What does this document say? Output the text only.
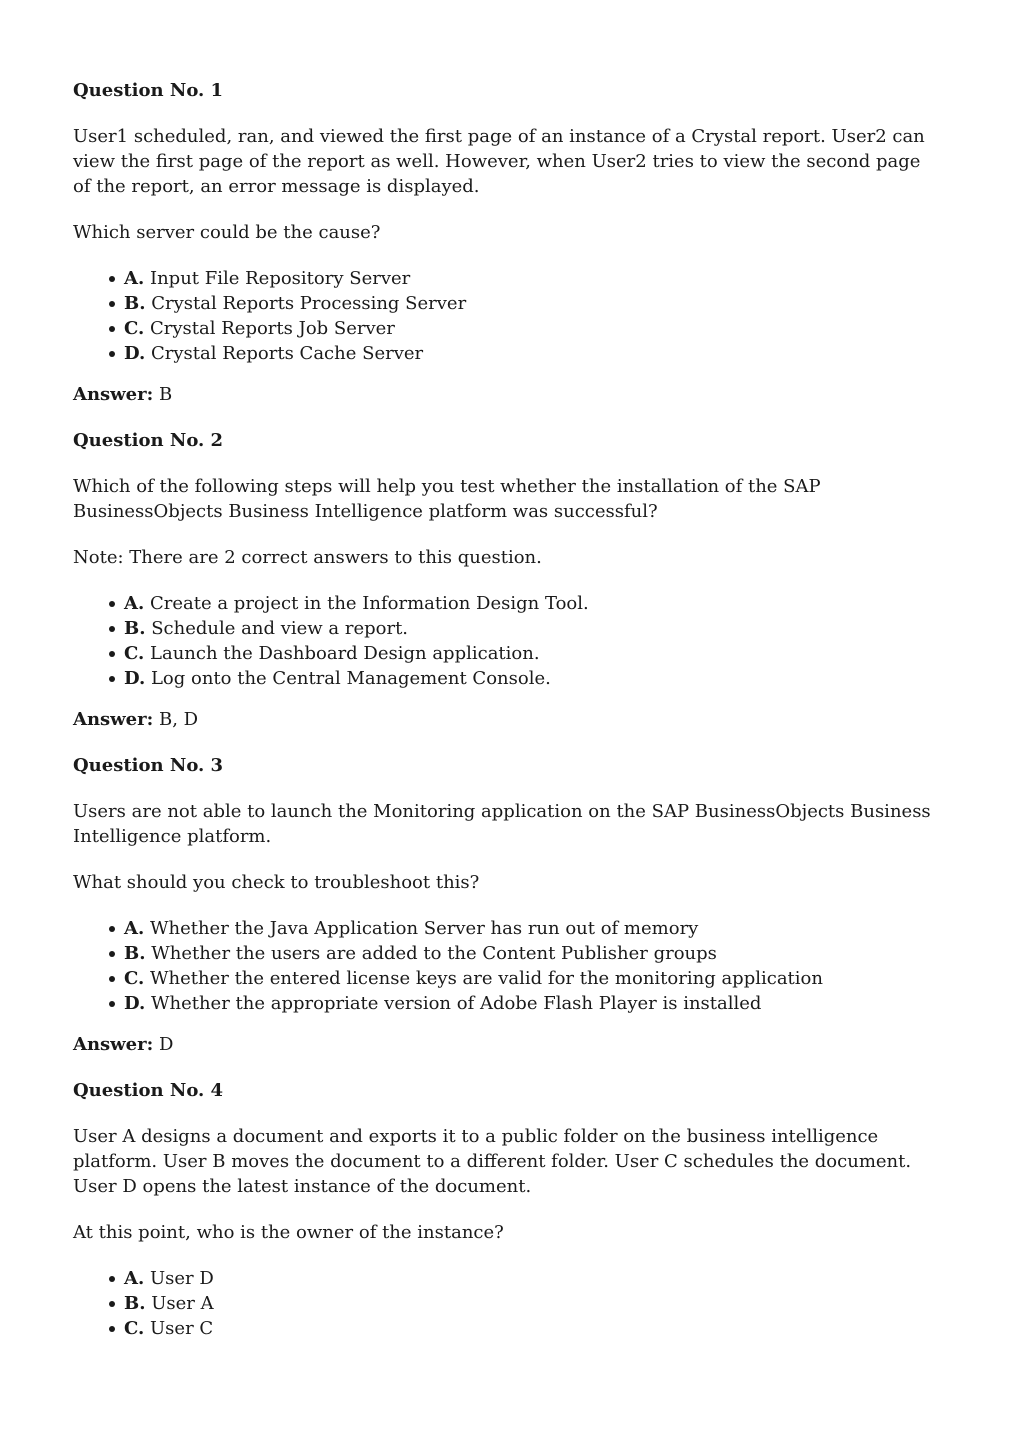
Question No. 1

User1 scheduled, ran, and viewed the first page of an instance of a Crystal report. User2 can view the first page of the report as well. However, when User2 tries to view the second page of the report, an error message is displayed.

Which server could be the cause?

A. Input File Repository Server
B. Crystal Reports Processing Server
C. Crystal Reports Job Server
D. Crystal Reports Cache Server

Answer: B

Question No. 2

Which of the following steps will help you test whether the installation of the SAP BusinessObjects Business Intelligence platform was successful?

Note: There are 2 correct answers to this question.

A. Create a project in the Information Design Tool.
B. Schedule and view a report.
C. Launch the Dashboard Design application.
D. Log onto the Central Management Console.

Answer: B, D

Question No. 3

Users are not able to launch the Monitoring application on the SAP BusinessObjects Business Intelligence platform.

What should you check to troubleshoot this?

A. Whether the Java Application Server has run out of memory
B. Whether the users are added to the Content Publisher groups
C. Whether the entered license keys are valid for the monitoring application
D. Whether the appropriate version of Adobe Flash Player is installed

Answer: D

Question No. 4

User A designs a document and exports it to a public folder on the business intelligence platform. User B moves the document to a different folder. User C schedules the document. User D opens the latest instance of the document.

At this point, who is the owner of the instance?

A. User D
B. User A
C. User C
